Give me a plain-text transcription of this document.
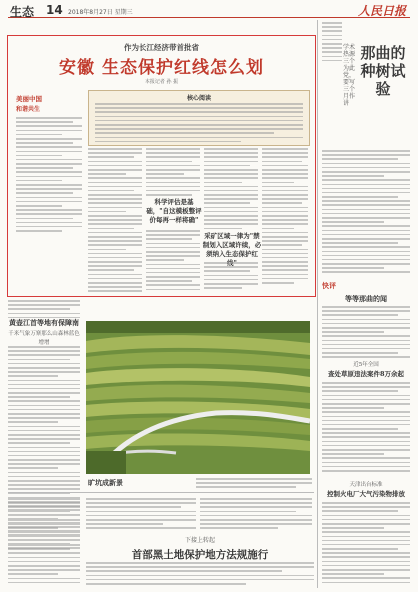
生态 14 2018年8月27日 星期三	人民日报
作为长江经济带首批省
安徽 生态保护红线怎么划
本报记者 孙 振
美丽中国
和谐共生
核心阅读
科学评估是基础，"自这模板整评价每再一样将确"
采矿区域一律为"禁制划入区域许续，必须纳入生态保护红
黄壶江首等地有保障南
千米气象万寨那么山森林蓝色增增
旷坑成新景
下接上转起
首部黑土地保护地方法规施行
学术热源三个为此党，要写三个月作讲
那曲的种树试验
快评
等等那曲的闻
近5年全国
查处草原违法案件8万余起
天津出台标准
控制火电厂大气污染物排放
